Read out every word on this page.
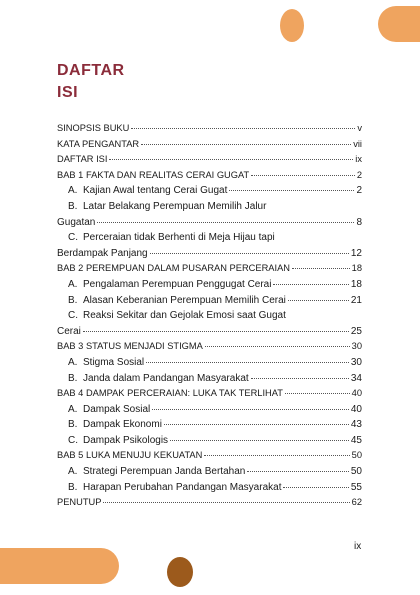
DAFTAR
ISI
SINOPSIS BUKU	v
KATA PENGANTAR	vii
DAFTAR ISI	ix
BAB 1 FAKTA DAN REALITAS CERAI GUGAT	2
A. Kajian Awal tentang Cerai Gugat	2
B. Latar Belakang Perempuan Memilih Jalur
Gugatan	8
C. Perceraian tidak Berhenti di Meja Hijau tapi
Berdampak Panjang	12
BAB 2 PEREMPUAN DALAM PUSARAN PERCERAIAN	18
A. Pengalaman Perempuan Penggugat Cerai	18
B. Alasan Keberanian Perempuan Memilih Cerai	21
C. Reaksi Sekitar dan Gejolak Emosi saat Gugat
Cerai	25
BAB 3 STATUS MENJADI STIGMA	30
A. Stigma Sosial	30
B. Janda dalam Pandangan Masyarakat	34
BAB 4 DAMPAK PERCERAIAN: LUKA TAK TERLIHAT	40
A. Dampak Sosial	40
B. Dampak Ekonomi	43
C. Dampak Psikologis	45
BAB 5 LUKA MENUJU KEKUATAN	50
A. Strategi Perempuan Janda Bertahan	50
B. Harapan Perubahan Pandangan Masyarakat	55
PENUTUP	62
ix
